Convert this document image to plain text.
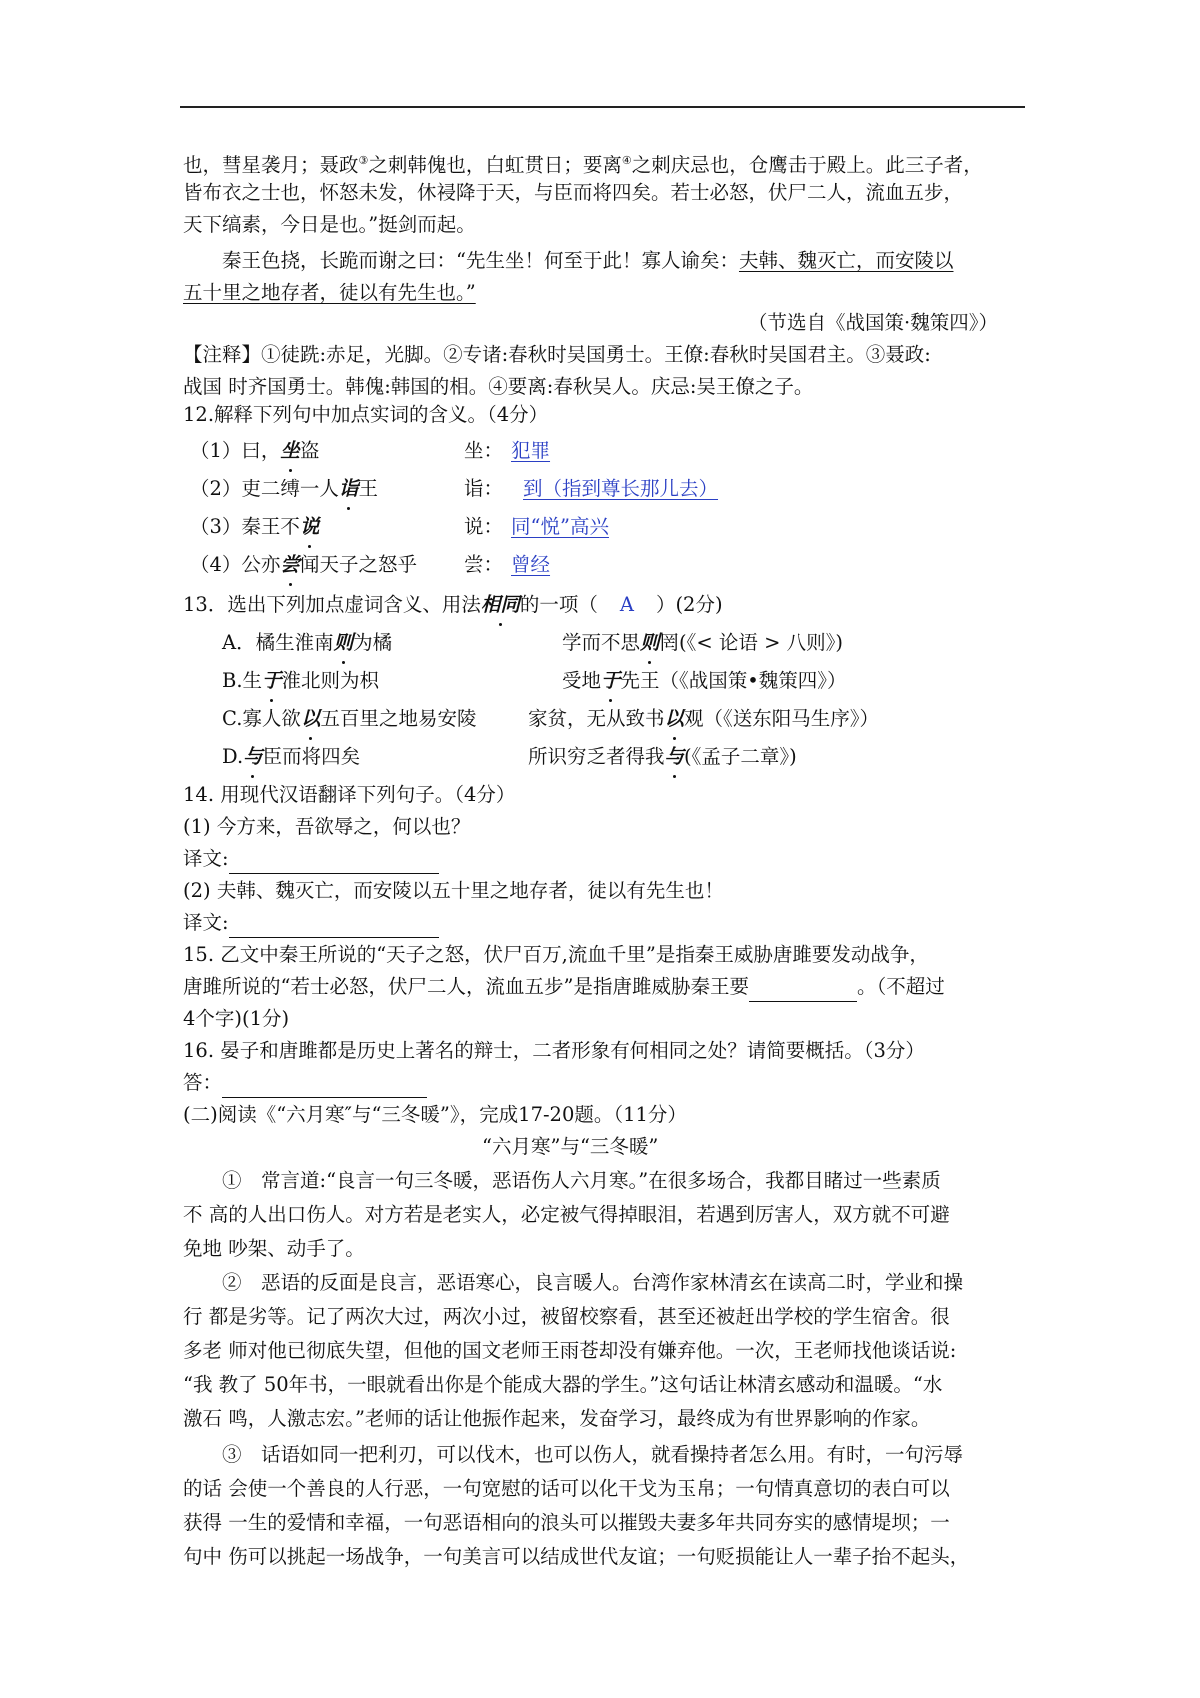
也，彗星袭月；聂政③之刺韩傀也，白虹贯日；要离④之刺庆忌也，仓鹰击于殿上。此三子者，
皆布衣之士也，怀怒未发，休祲降于天，与臣而将四矣。若士必怒，伏尸二人，流血五步，
天下缟素，今日是也。”挺剑而起。
秦王色挠，长跪而谢之曰：“先生坐！何至于此！寡人谕矣：夫韩、魏灭亡，而安陵以
五十里之地存者，徒以有先生也。”
（节选自《战国策·魏策四》）
【注释】①徒跣:赤足，光脚。②专诸:春秋时吴国勇士。王僚:春秋时吴国君主。③聂政:
战国 时齐国勇士。韩傀:韩国的相。④要离:春秋吴人。庆忌:吴王僚之子。
12.解释下列句中加点实词的含义。（4分）
（1）曰，坐盗	坐： 犯罪
（2）吏二缚一人诣王	诣： 到（指到尊长那儿去）
（3）秦王不说	说： 同“悦”高兴
（4）公亦尝闻天子之怒乎 尝： 曾经
13．选出下列加点虚词含义、用法相同的一项（ A ）(2分)
A．橘生淮南则为橘	学而不思则罔(《< 论语 > 八则》)
B.生于淮北则为枳	受地于先王（《战国策•魏策四》）
C.寡人欲以五百里之地易安陵	家贫，无从致书以观（《送东阳马生序》）
D.与臣而将四矣	所识穷乏者得我与(《孟子二章》)
14. 用现代汉语翻译下列句子。（4分）
(1) 今方来，吾欲辱之，何以也？
译文:
(2) 夫韩、魏灭亡，而安陵以五十里之地存者，徒以有先生也！
译文:
15. 乙文中秦王所说的“天子之怒，伏尸百万,流血千里”是指秦王威胁唐雎要发动战争，
唐雎所说的“若士必怒，伏尸二人，流血五步”是指唐雎威胁秦王要	。（不超过
4个字)(1分)
16. 晏子和唐雎都是历史上著名的辩士，二者形象有何相同之处？请简要概括。（3分）
答：
(二)阅读《“六月寒″与“三冬暖”》，完成17-20题。（11分）
“六月寒”与“三冬暖”
①　常言道:“良言一句三冬暖，恶语伤人六月寒。”在很多场合，我都目睹过一些素质
不 高的人出口伤人。对方若是老实人，必定被气得掉眼泪，若遇到厉害人，双方就不可避
免地 吵架、动手了。
②　恶语的反面是良言，恶语寒心，良言暖人。台湾作家林清玄在读高二时，学业和操
行 都是劣等。记了两次大过，两次小过，被留校察看，甚至还被赶出学校的学生宿舍。很
多老 师对他已彻底失望，但他的国文老师王雨苍却没有嫌弃他。一次，王老师找他谈话说:
“我 教了 50年书，一眼就看出你是个能成大器的学生。”这句话让林清玄感动和温暖。“水
激石 鸣，人激志宏。”老师的话让他振作起来，发奋学习，最终成为有世界影响的作家。
③　话语如同一把利刃，可以伐木，也可以伤人，就看操持者怎么用。有时，一句污辱
的话 会使一个善良的人行恶，一句宽慰的话可以化干戈为玉帛；一句情真意切的表白可以
获得 一生的爱情和幸福，一句恶语相向的浪头可以摧毁夫妻多年共同夯实的感情堤坝；一
句中 伤可以挑起一场战争，一句美言可以结成世代友谊；一句贬损能让人一辈子抬不起头，
